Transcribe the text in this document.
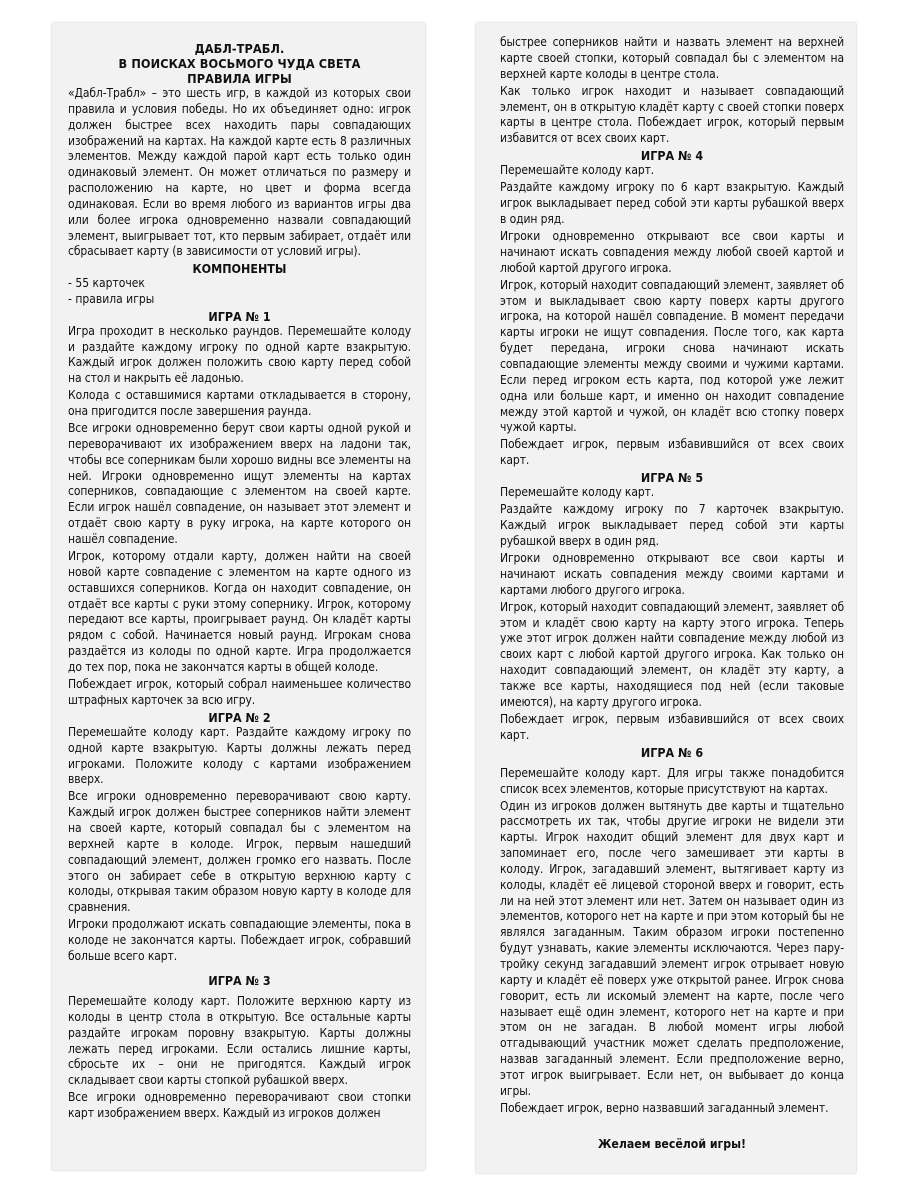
ДАБЛ-ТРАБЛ.
В ПОИСКАХ ВОСЬМОГО ЧУДА СВЕТА
ПРАВИЛА ИГРЫ

«Дабл-Трабл» – это шесть игр, в каждой из которых свои правила и условия победы. Но их объединяет одно: игрок должен быстрее всех находить пары совпадающих изображений на картах. На каждой карте есть 8 различных элементов. Между каждой парой карт есть только один одинаковый элемент. Он может отличаться по размеру и расположению на карте, но цвет и форма всегда одинаковая. Если во время любого из вариантов игры два или более игрока одновременно назвали совпадающий элемент, выигрывает тот, кто первым забирает, отдаёт или сбрасывает карту (в зависимости от условий игры).

КОМПОНЕНТЫ
- 55 карточек
- правила игры
ИГРА № 1

Игра проходит в несколько раундов. Перемешайте колоду и раздайте каждому игроку по одной карте взакрытую. Каждый игрок должен положить свою карту перед собой на стол и накрыть её ладонью.

Колода с оставшимися картами откладывается в сторону, она пригодится после завершения раунда.

Все игроки одновременно берут свои карты одной рукой и переворачивают их изображением вверх на ладони так, чтобы все соперникам были хорошо видны все элементы на ней. Игроки одновременно ищут элементы на картах соперников, совпадающие с элементом на своей карте. Если игрок нашёл совпадение, он называет этот элемент и отдаёт свою карту в руку игрока, на карте которого он нашёл совпадение.

Игрок, которому отдали карту, должен найти на своей новой карте совпадение с элементом на карте одного из оставшихся соперников. Когда он находит совпадение, он отдаёт все карты с руки этому сопернику. Игрок, которому передают все карты, проигрывает раунд. Он кладёт карты рядом с собой. Начинается новый раунд. Игрокам снова раздаётся из колоды по одной карте. Игра продолжается до тех пор, пока не закончатся карты в общей колоде.

Побеждает игрок, который собрал наименьшее количество штрафных карточек за всю игру.

ИГРА № 2

Перемешайте колоду карт. Раздайте каждому игроку по одной карте взакрытую. Карты должны лежать перед игроками. Положите колоду с картами изображением вверх.

Все игроки одновременно переворачивают свою карту. Каждый игрок должен быстрее соперников найти элемент на своей карте, который совпадал бы с элементом на верхней карте в колоде. Игрок, первым нашедший совпадающий элемент, должен громко его назвать. После этого он забирает себе в открытую верхнюю карту с колоды, открывая таким образом новую карту в колоде для сравнения.

Игроки продолжают искать совпадающие элементы, пока в колоде не закончатся карты. Побеждает игрок, собравший больше всего карт.

ИГРА № 3

Перемешайте колоду карт. Положите верхнюю карту из колоды в центр стола в открытую. Все остальные карты раздайте игрокам поровну взакрытую. Карты должны лежать перед игроками. Если остались лишние карты, сбросьте их – они не пригодятся. Каждый игрок складывает свои карты стопкой рубашкой вверх.

Все игроки одновременно переворачивают свои стопки карт изображением вверх. Каждый из игроков должен

быстрее соперников найти и назвать элемент на верхней карте своей стопки, который совпадал бы с элементом на верхней карте колоды в центре стола.

Как только игрок находит и называет совпадающий элемент, он в открытую кладёт карту с своей стопки поверх карты в центре стола. Побеждает игрок, который первым избавится от всех своих карт.

ИГРА № 4

Перемешайте колоду карт.

Раздайте каждому игроку по 6 карт взакрытую. Каждый игрок выкладывает перед собой эти карты рубашкой вверх в один ряд.

Игроки одновременно открывают все свои карты и начинают искать совпадения между любой своей картой и любой картой другого игрока.

Игрок, который находит совпадающий элемент, заявляет об этом и выкладывает свою карту поверх карты другого игрока, на которой нашёл совпадение. В момент передачи карты игроки не ищут совпадения. После того, как карта будет передана, игроки снова начинают искать совпадающие элементы между своими и чужими картами. Если перед игроком есть карта, под которой уже лежит одна или больше карт, и именно он находит совпадение между этой картой и чужой, он кладёт всю стопку поверх чужой карты.

Побеждает игрок, первым избавившийся от всех своих карт.

ИГРА № 5

Перемешайте колоду карт.

Раздайте каждому игроку по 7 карточек взакрытую. Каждый игрок выкладывает перед собой эти карты рубашкой вверх в один ряд.

Игроки одновременно открывают все свои карты и начинают искать совпадения между своими картами и картами любого другого игрока.

Игрок, который находит совпадающий элемент, заявляет об этом и кладёт свою карту на карту этого игрока. Теперь уже этот игрок должен найти совпадение между любой из своих карт с любой картой другого игрока. Как только он находит совпадающий элемент, он кладёт эту карту, а также все карты, находящиеся под ней (если таковые имеются), на карту другого игрока.

Побеждает игрок, первым избавившийся от всех своих карт.

ИГРА № 6

Перемешайте колоду карт. Для игры также понадобится список всех элементов, которые присутствуют на картах.

Один из игроков должен вытянуть две карты и тщательно рассмотреть их так, чтобы другие игроки не видели эти карты. Игрок находит общий элемент для двух карт и запоминает его, после чего замешивает эти карты в колоду. Игрок, загадавший элемент, вытягивает карту из колоды, кладёт её лицевой стороной вверх и говорит, есть ли на ней этот элемент или нет. Затем он называет один из элементов, которого нет на карте и при этом который бы не являлся загаданным. Таким образом игроки постепенно будут узнавать, какие элементы исключаются. Через пару-тройку секунд загадавший элемент игрок отрывает новую карту и кладёт её поверх уже открытой ранее. Игрок снова говорит, есть ли искомый элемент на карте, после чего называет ещё один элемент, которого нет на карте и при этом он не загадан. В любой момент игры любой отгадывающий участник может сделать предположение, назвав загаданный элемент. Если предположение верно, этот игрок выигрывает. Если нет, он выбывает до конца игры.

Побеждает игрок, верно назвавший загаданный элемент.

Желаем весёлой игры!
